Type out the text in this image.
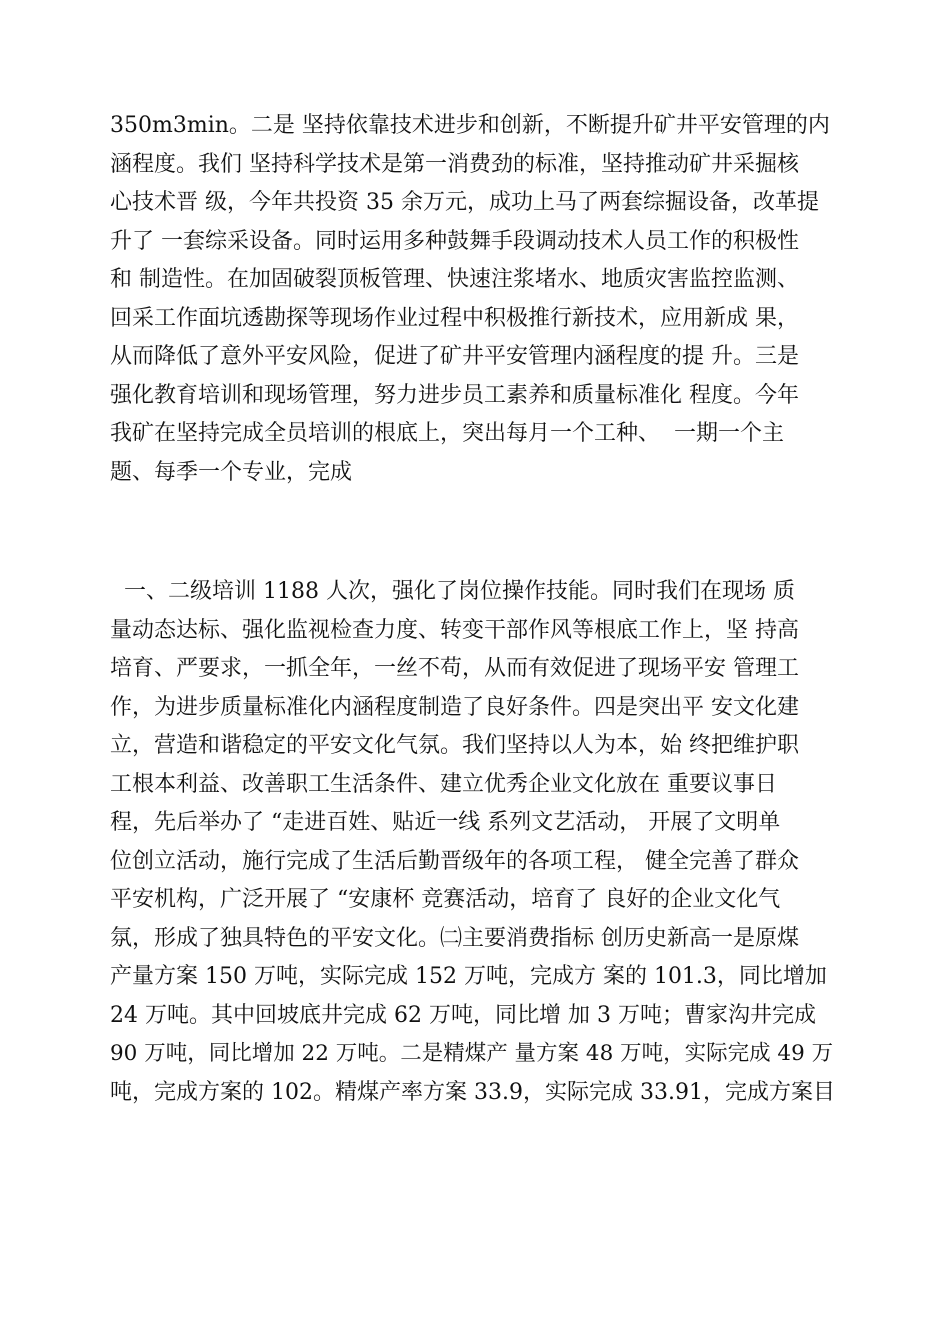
350m3min。二是 坚持依靠技术进步和创新，不断提升矿井平安管理的内
涵程度。我们 坚持科学技术是第一消费劲的标准，坚持推动矿井采掘核
心技术晋 级，今年共投资 35 余万元，成功上马了两套综掘设备，改革提
升了 一套综采设备。同时运用多种鼓舞手段调动技术人员工作的积极性
和 制造性。在加固破裂顶板管理、快速注浆堵水、地质灾害监控监测、
回采工作面坑透勘探等现场作业过程中积极推行新技术，应用新成 果，
从而降低了意外平安风险，促进了矿井平安管理内涵程度的提 升。三是
强化教育培训和现场管理，努力进步员工素养和质量标准化 程度。今年
我矿在坚持完成全员培训的根底上，突出每月一个工种、  一期一个主
题、每季一个专业，完成
一、二级培训 1188 人次，强化了岗位操作技能。同时我们在现场 质
量动态达标、强化监视检查力度、转变干部作风等根底工作上，坚 持高
培育、严要求，一抓全年，一丝不苟，从而有效促进了现场平安 管理工
作，为进步质量标准化内涵程度制造了良好条件。四是突出平 安文化建
立，营造和谐稳定的平安文化气氛。我们坚持以人为本，始 终把维护职
工根本利益、改善职工生活条件、建立优秀企业文化放在 重要议事日
程，先后举办了 “走进百姓、贴近一线 系列文艺活动， 开展了文明单
位创立活动，施行完成了生活后勤晋级年的各项工程， 健全完善了群众
平安机构，广泛开展了 “安康杯 竞赛活动，培育了 良好的企业文化气
氛，形成了独具特色的平安文化。㈡主要消费指标 创历史新高一是原煤
产量方案 150 万吨，实际完成 152 万吨，完成方 案的 101.3，同比增加
24 万吨。其中回坡底井完成 62 万吨，同比增 加 3 万吨；曹家沟井完成
90 万吨，同比增加 22 万吨。二是精煤产 量方案 48 万吨，实际完成 49 万
吨，完成方案的 102。精煤产率方案 33.9，实际完成 33.91，完成方案目
